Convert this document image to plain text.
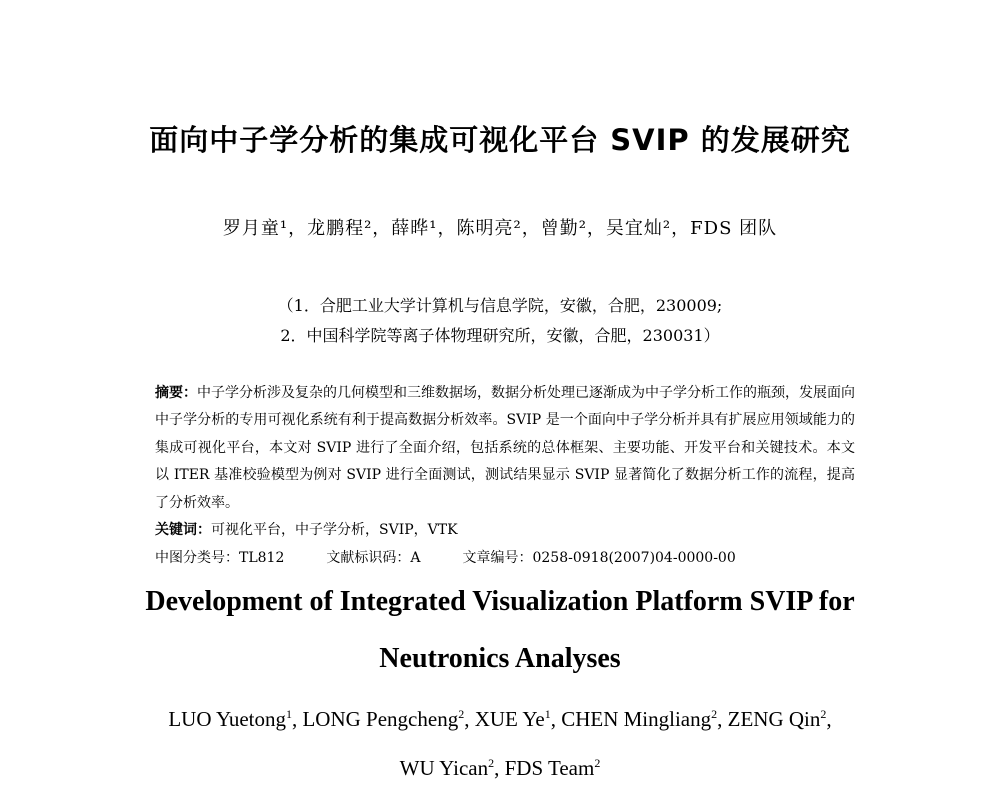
面向中子学分析的集成可视化平台 SVIP 的发展研究
罗月童¹，龙鹏程²，薛晔¹，陈明亮²，曾勤²，吴宜灿²，FDS 团队
（1．合肥工业大学计算机与信息学院，安徽，合肥，230009;
2．中国科学院等离子体物理研究所，安徽，合肥，230031）
摘要：中子学分析涉及复杂的几何模型和三维数据场，数据分析处理已逐渐成为中子学分析工作的瓶颈，发展面向中子学分析的专用可视化系统有利于提高数据分析效率。SVIP 是一个面向中子学分析并具有扩展应用领域能力的集成可视化平台，本文对 SVIP 进行了全面介绍，包括系统的总体框架、主要功能、开发平台和关键技术。本文以 ITER 基准校验模型为例对 SVIP 进行全面测试，测试结果显示 SVIP 显著简化了数据分析工作的流程，提高了分析效率。
关键词：可视化平台，中子学分析，SVIP，VTK
中图分类号：TL812	文献标识码：A	文章编号：0258-0918(2007)04-0000-00
Development of Integrated Visualization Platform SVIP for
Neutronics Analyses
LUO Yuetong$^1$, LONG Pengcheng$^2$, XUE Ye$^1$, CHEN Mingliang$^2$, ZENG Qin$^2$, WU Yican$^2$, FDS Team$^2$
